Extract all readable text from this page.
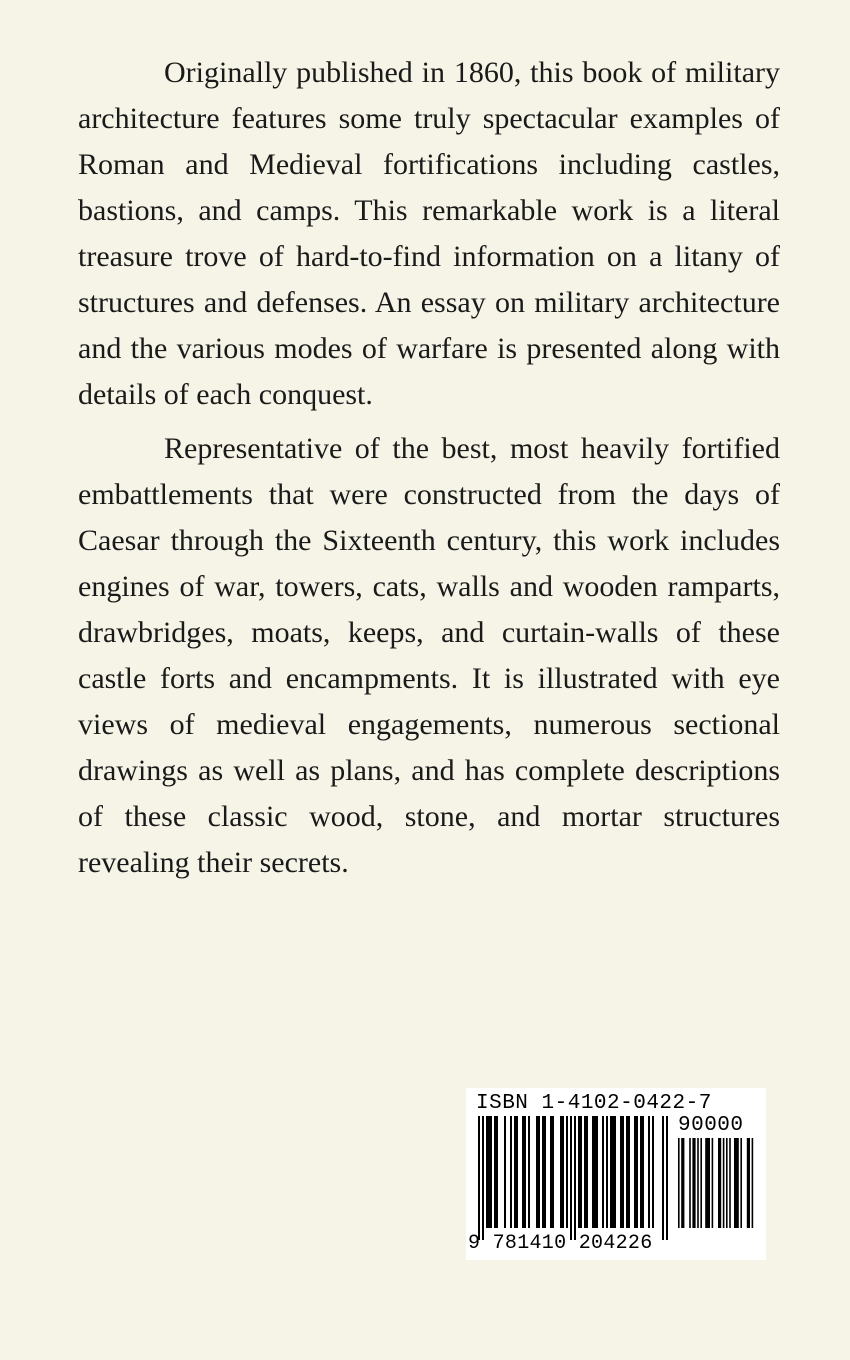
Originally published in 1860, this book of military architecture features some truly spectacular examples of Roman and Medieval fortifications including castles, bastions, and camps. This remarkable work is a literal treasure trove of hard-to-find information on a litany of structures and defenses. An essay on military architecture and the various modes of warfare is presented along with details of each conquest.

Representative of the best, most heavily fortified embattlements that were constructed from the days of Caesar through the Sixteenth century, this work includes engines of war, towers, cats, walls and wooden ramparts, drawbridges, moats, keeps, and curtain-walls of these castle forts and encampments. It is illustrated with eye views of medieval engagements, numerous sectional drawings as well as plans, and has complete descriptions of these classic wood, stone, and mortar structures revealing their secrets.

ISBN 1-4102-0422-7
90000
9 781410 204226
